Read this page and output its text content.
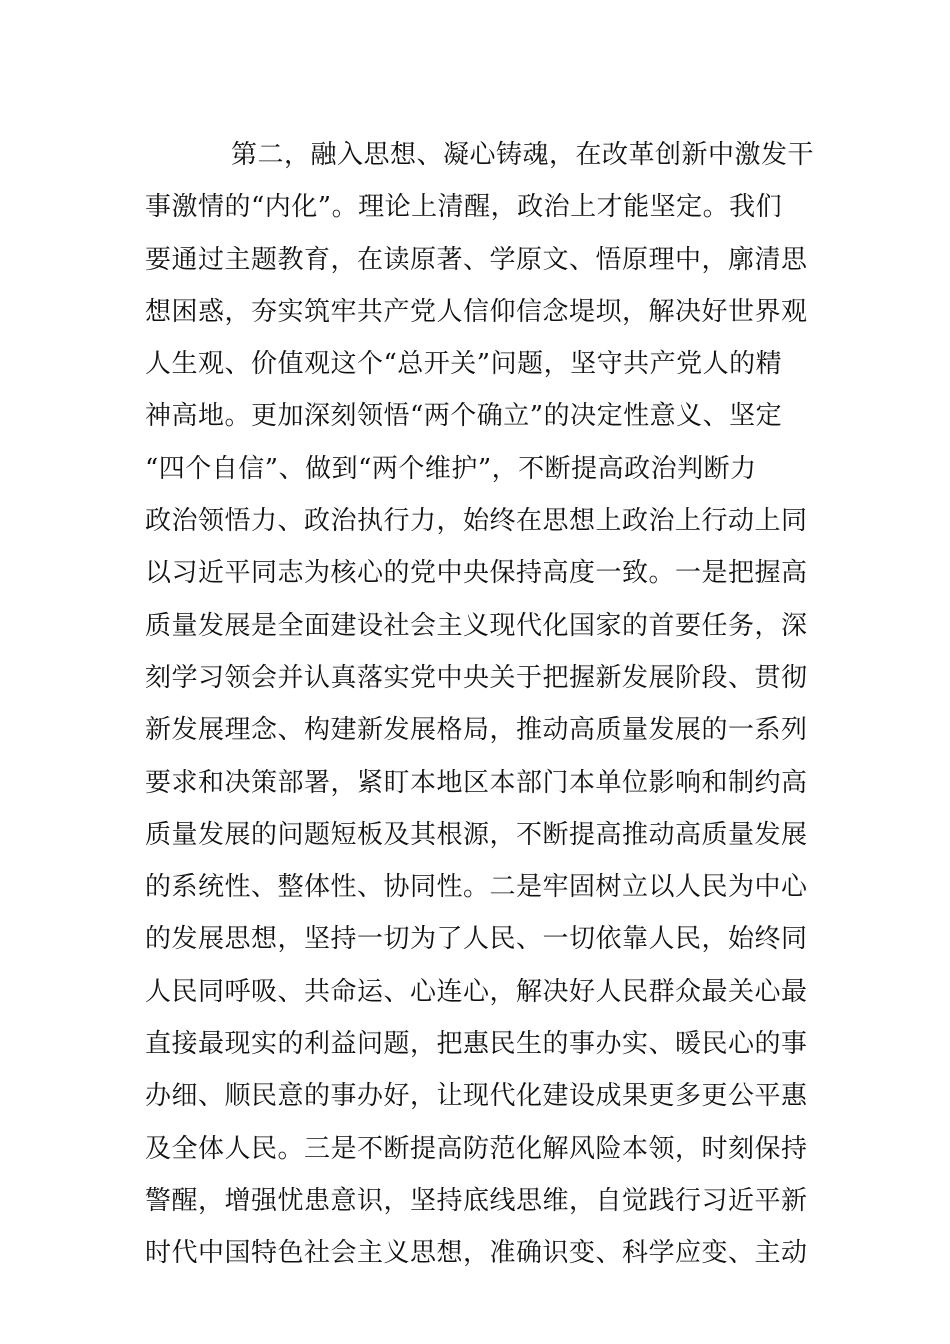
第二，融入思想、凝心铸魂，在改革创新中激发干
事激情的“内化”。理论上清醒，政治上才能坚定。我们
要通过主题教育，在读原著、学原文、悟原理中，廓清思
想困惑，夯实筑牢共产党人信仰信念堤坝，解决好世界观
人生观、价值观这个“总开关”问题，坚守共产党人的精
神高地。更加深刻领悟“两个确立”的决定性意义、坚定
“四个自信”、做到“两个维护”，不断提高政治判断力
政治领悟力、政治执行力，始终在思想上政治上行动上同
以习近平同志为核心的党中央保持高度一致。一是把握高
质量发展是全面建设社会主义现代化国家的首要任务，深
刻学习领会并认真落实党中央关于把握新发展阶段、贯彻
新发展理念、构建新发展格局，推动高质量发展的一系列
要求和决策部署，紧盯本地区本部门本单位影响和制约高
质量发展的问题短板及其根源，不断提高推动高质量发展
的系统性、整体性、协同性。二是牢固树立以人民为中心
的发展思想，坚持一切为了人民、一切依靠人民，始终同
人民同呼吸、共命运、心连心，解决好人民群众最关心最
直接最现实的利益问题，把惠民生的事办实、暖民心的事
办细、顺民意的事办好，让现代化建设成果更多更公平惠
及全体人民。三是不断提高防范化解风险本领，时刻保持
警醒，增强忧患意识，坚持底线思维，自觉践行习近平新
时代中国特色社会主义思想，准确识变、科学应变、主动
